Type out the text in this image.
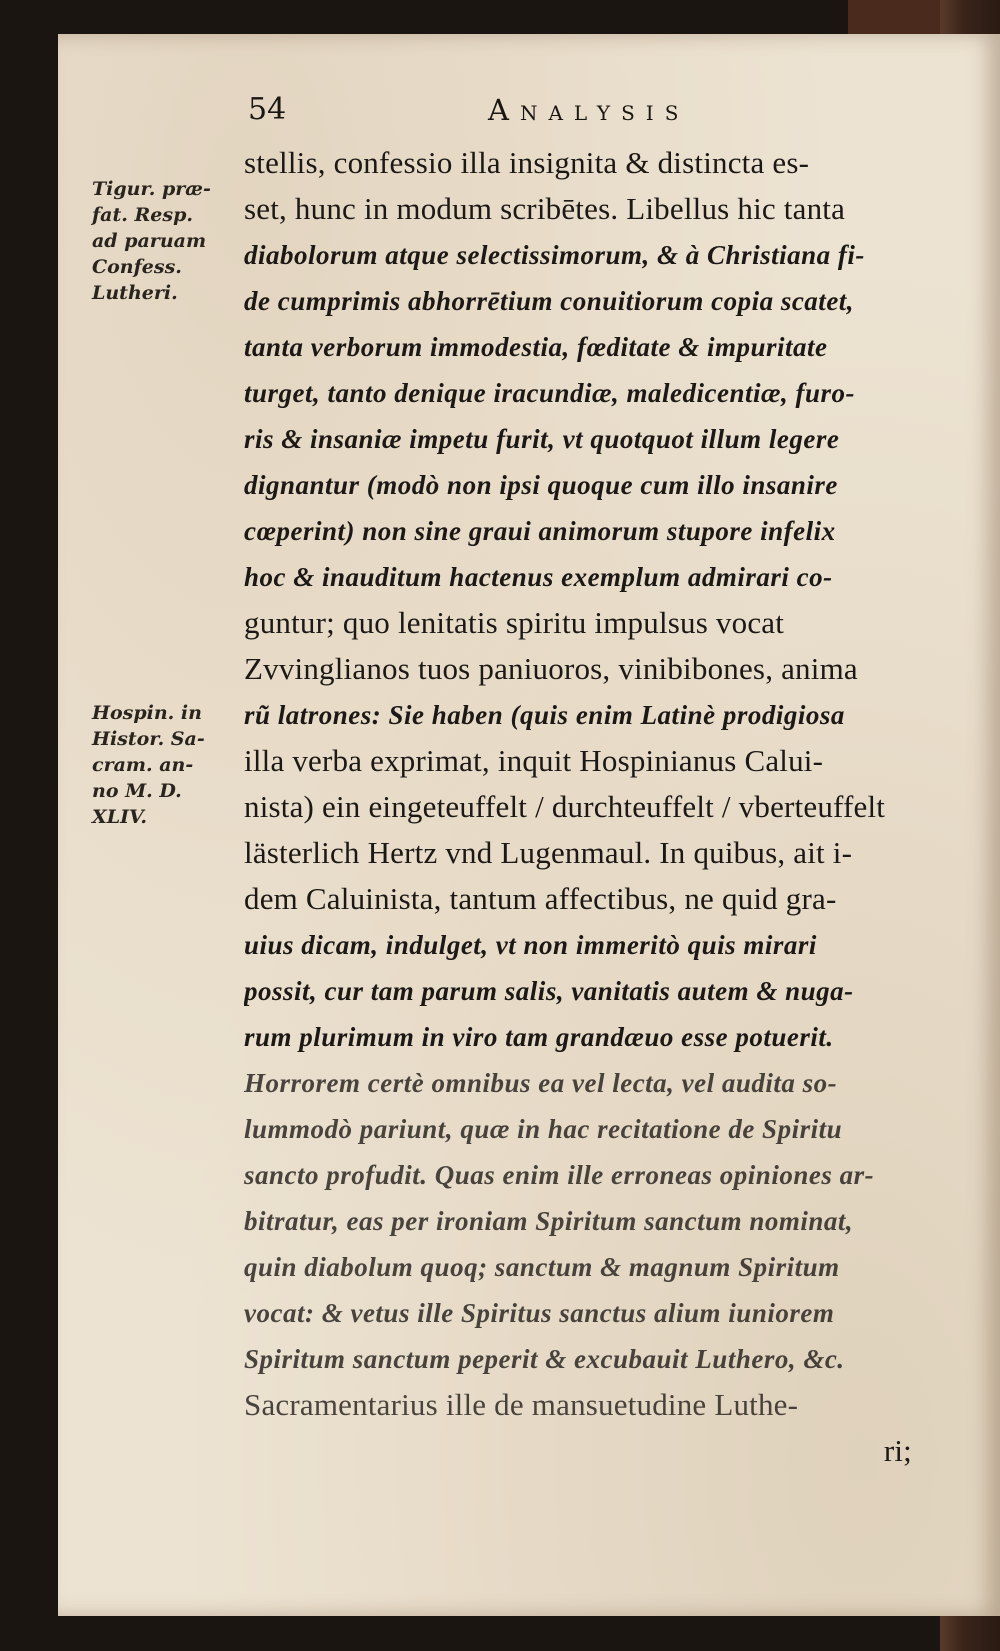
54	Analysis
Tigur. præ-
fat. Resp.
ad paruam
Confess.
Lutheri.
Hospin. in
Histor. Sa-
cram. an-
no M. D.
XLIV.
stellis, confessio illa insignita & distincta es-
set, hunc in modum scribētes. Libellus hic tanta
diabolorum atque selectissimorum, & à Christiana fi-
de cumprimis abhorrētium conuitiorum copia scatet,
tanta verborum immodestia, fœditate & impuritate
turget, tanto denique iracundiæ, maledicentiæ, furo-
ris & insaniæ impetu furit, vt quotquot illum legere
dignantur (modò non ipsi quoque cum illo insanire
cœperint) non sine graui animorum stupore infelix
hoc & inauditum hactenus exemplum admirari co-
guntur; quo lenitatis spiritu impulsus vocat
Zvvinglianos tuos paniuoros, vinibibones, anima
rũ latrones: Sie haben (quis enim Latinè prodigiosa
illa verba exprimat, inquit Hospinianus Calui-
nista) ein eingeteuffelt / durchteuffelt / vberteuffelt
lästerlich Hertz vnd Lugenmaul. In quibus, ait i-
dem Caluinista, tantum affectibus, ne quid gra-
uius dicam, indulget, vt non immeritò quis mirari
possit, cur tam parum salis, vanitatis autem & nuga-
rum plurimum in viro tam grandæuo esse potuerit.
Horrorem certè omnibus ea vel lecta, vel audita so-
lummodò pariunt, quæ in hac recitatione de Spiritu
sancto profudit. Quas enim ille erroneas opiniones ar-
bitratur, eas per ironiam Spiritum sanctum nominat,
quin diabolum quoq; sanctum & magnum Spiritum
vocat: & vetus ille Spiritus sanctus alium iuniorem
Spiritum sanctum peperit & excubauit Luthero, &c.
Sacramentarius ille de mansuetudine Luthe-
ri;
